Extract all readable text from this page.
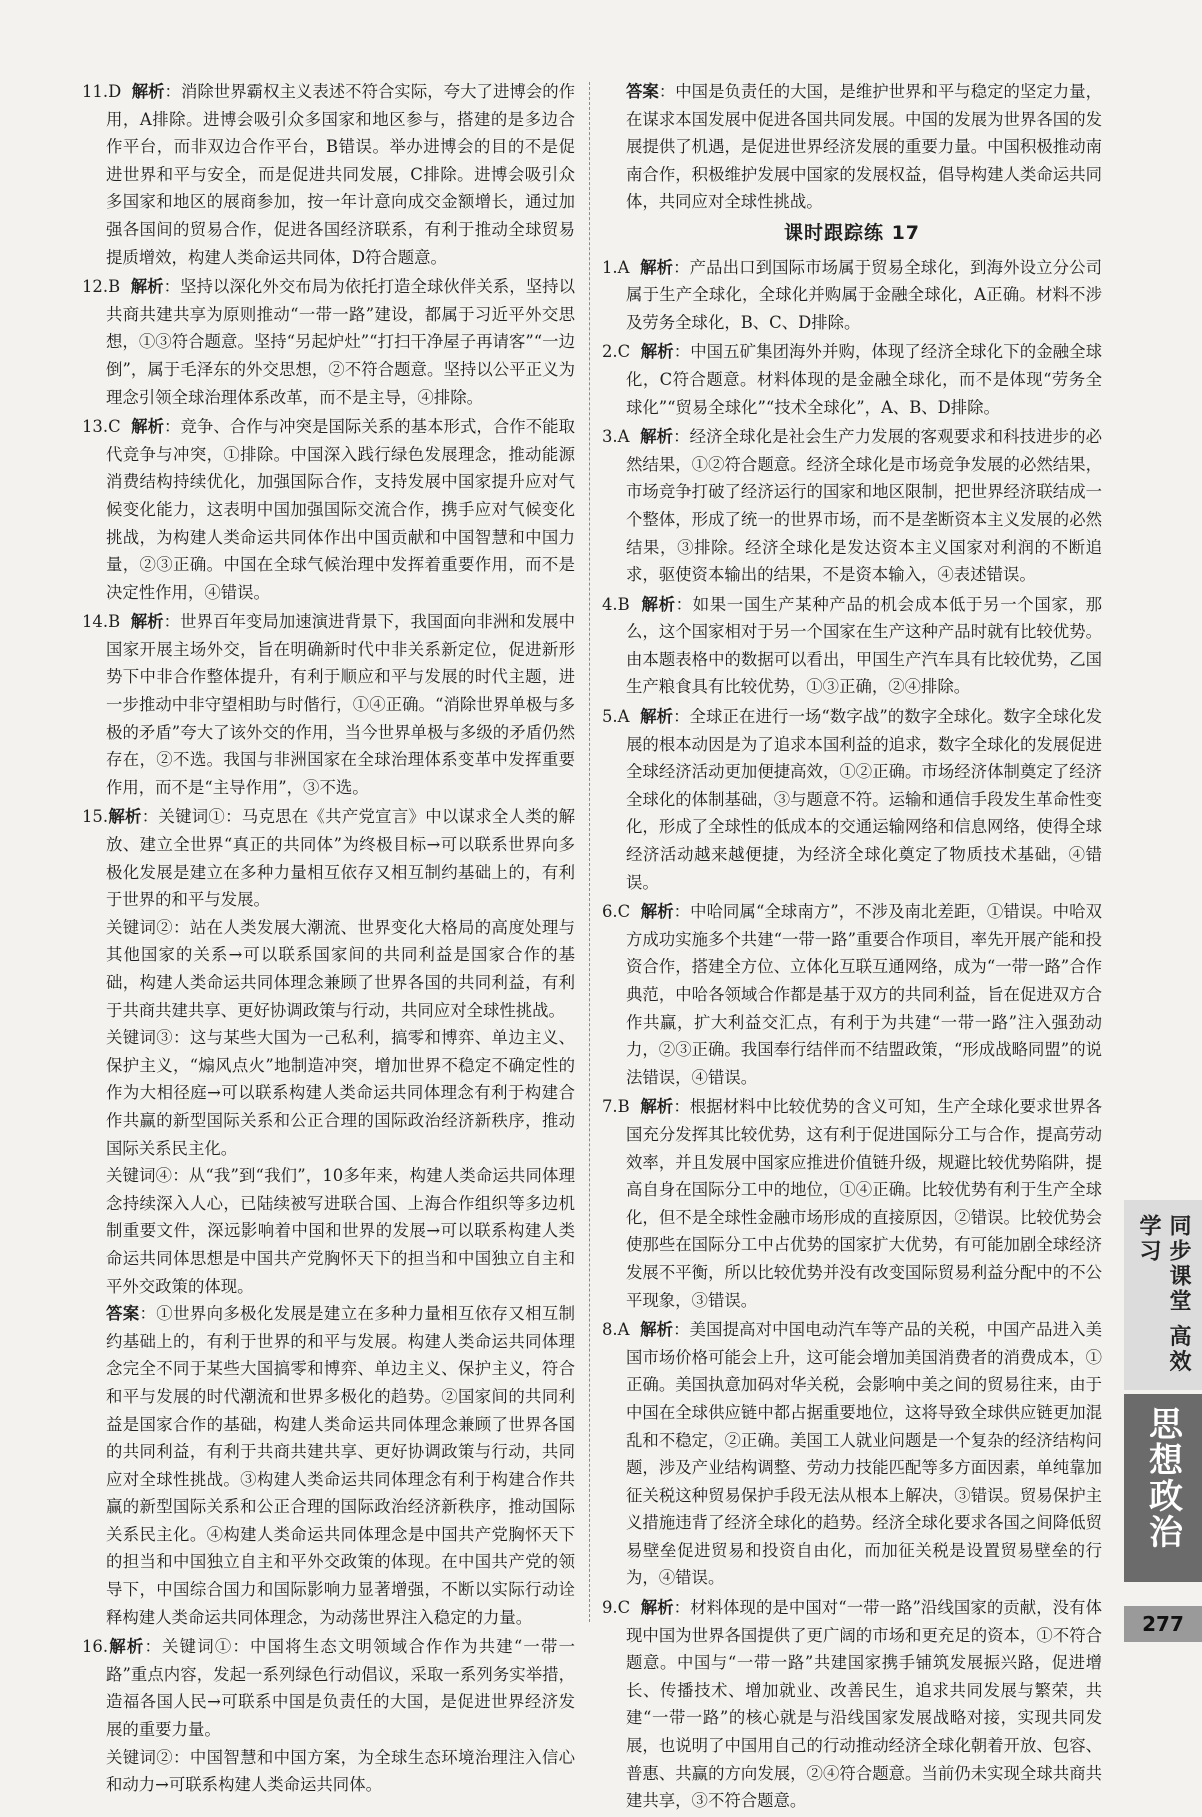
11.D 解析：消除世界霸权主义表述不符合实际，夸大了进博会的作用，A排除。进博会吸引众多国家和地区参与，搭建的是多边合作平台，而非双边合作平台，B错误。举办进博会的目的不是促进世界和平与安全，而是促进共同发展，C排除。进博会吸引众多国家和地区的展商参加，按一年计意向成交金额增长，通过加强各国间的贸易合作，促进各国经济联系，有利于推动全球贸易提质增效，构建人类命运共同体，D符合题意。
12.B 解析：坚持以深化外交布局为依托打造全球伙伴关系，坚持以共商共建共享为原则推动“一带一路”建设，都属于习近平外交思想，①③符合题意。坚持“另起炉灶”“打扫干净屋子再请客”“一边倒”，属于毛泽东的外交思想，②不符合题意。坚持以公平正义为理念引领全球治理体系改革，而不是主导，④排除。
13.C 解析：竞争、合作与冲突是国际关系的基本形式，合作不能取代竞争与冲突，①排除。中国深入践行绿色发展理念，推动能源消费结构持续优化，加强国际合作，支持发展中国家提升应对气候变化能力，这表明中国加强国际交流合作，携手应对气候变化挑战，为构建人类命运共同体作出中国贡献和中国智慧和中国力量，②③正确。中国在全球气候治理中发挥着重要作用，而不是决定性作用，④错误。
14.B 解析：世界百年变局加速演进背景下，我国面向非洲和发展中国家开展主场外交，旨在明确新时代中非关系新定位，促进新形势下中非合作整体提升，有利于顺应和平与发展的时代主题，进一步推动中非守望相助与时偕行，①④正确。“消除世界单极与多极的矛盾”夸大了该外交的作用，当今世界单极与多级的矛盾仍然存在，②不选。我国与非洲国家在全球治理体系变革中发挥重要作用，而不是“主导作用”，③不选。
15.解析：关键词①：马克思在《共产党宣言》中以谋求全人类的解放、建立全世界“真正的共同体”为终极目标→可以联系世界向多极化发展是建立在多种力量相互依存又相互制约基础上的，有利于世界的和平与发展。
关键词②：站在人类发展大潮流、世界变化大格局的高度处理与其他国家的关系→可以联系国家间的共同利益是国家合作的基础，构建人类命运共同体理念兼顾了世界各国的共同利益，有利于共商共建共享、更好协调政策与行动，共同应对全球性挑战。
关键词③：这与某些大国为一己私利，搞零和博弈、单边主义、保护主义，“煽风点火”地制造冲突，增加世界不稳定不确定性的作为大相径庭→可以联系构建人类命运共同体理念有利于构建合作共赢的新型国际关系和公正合理的国际政治经济新秩序，推动国际关系民主化。
关键词④：从“我”到“我们”，10多年来，构建人类命运共同体理念持续深入人心，已陆续被写进联合国、上海合作组织等多边机制重要文件，深远影响着中国和世界的发展→可以联系构建人类命运共同体思想是中国共产党胸怀天下的担当和中国独立自主和平外交政策的体现。
答案：①世界向多极化发展是建立在多种力量相互依存又相互制约基础上的，有利于世界的和平与发展。构建人类命运共同体理念完全不同于某些大国搞零和博弈、单边主义、保护主义，符合和平与发展的时代潮流和世界多极化的趋势。②国家间的共同利益是国家合作的基础，构建人类命运共同体理念兼顾了世界各国的共同利益，有利于共商共建共享、更好协调政策与行动，共同应对全球性挑战。③构建人类命运共同体理念有利于构建合作共赢的新型国际关系和公正合理的国际政治经济新秩序，推动国际关系民主化。④构建人类命运共同体理念是中国共产党胸怀天下的担当和中国独立自主和平外交政策的体现。在中国共产党的领导下，中国综合国力和国际影响力显著增强，不断以实际行动诠释构建人类命运共同体理念，为动荡世界注入稳定的力量。
16.解析：关键词①：中国将生态文明领域合作作为共建“一带一路”重点内容，发起一系列绿色行动倡议，采取一系列务实举措，造福各国人民→可联系中国是负责任的大国，是促进世界经济发展的重要力量。
关键词②：中国智慧和中国方案，为全球生态环境治理注入信心和动力→可联系构建人类命运共同体。
答案：中国是负责任的大国，是维护世界和平与稳定的坚定力量，在谋求本国发展中促进各国共同发展。中国的发展为世界各国的发展提供了机遇，是促进世界经济发展的重要力量。中国积极推动南南合作，积极维护发展中国家的发展权益，倡导构建人类命运共同体，共同应对全球性挑战。
课时跟踪练 17
1.A 解析：产品出口到国际市场属于贸易全球化，到海外设立分公司属于生产全球化，全球化并购属于金融全球化，A正确。材料不涉及劳务全球化，B、C、D排除。
2.C 解析：中国五矿集团海外并购，体现了经济全球化下的金融全球化，C符合题意。材料体现的是金融全球化，而不是体现“劳务全球化”“贸易全球化”“技术全球化”，A、B、D排除。
3.A 解析：经济全球化是社会生产力发展的客观要求和科技进步的必然结果，①②符合题意。经济全球化是市场竞争发展的必然结果，市场竞争打破了经济运行的国家和地区限制，把世界经济联结成一个整体，形成了统一的世界市场，而不是垄断资本主义发展的必然结果，③排除。经济全球化是发达资本主义国家对利润的不断追求，驱使资本输出的结果，不是资本输入，④表述错误。
4.B 解析：如果一国生产某种产品的机会成本低于另一个国家，那么，这个国家相对于另一个国家在生产这种产品时就有比较优势。由本题表格中的数据可以看出，甲国生产汽车具有比较优势，乙国生产粮食具有比较优势，①③正确，②④排除。
5.A 解析：全球正在进行一场“数字战”的数字全球化。数字全球化发展的根本动因是为了追求本国利益的追求，数字全球化的发展促进全球经济活动更加便捷高效，①②正确。市场经济体制奠定了经济全球化的体制基础，③与题意不符。运输和通信手段发生革命性变化，形成了全球性的低成本的交通运输网络和信息网络，使得全球经济活动越来越便捷，为经济全球化奠定了物质技术基础，④错误。
6.C 解析：中哈同属“全球南方”，不涉及南北差距，①错误。中哈双方成功实施多个共建“一带一路”重要合作项目，率先开展产能和投资合作，搭建全方位、立体化互联互通网络，成为“一带一路”合作典范，中哈各领域合作都是基于双方的共同利益，旨在促进双方合作共赢，扩大利益交汇点，有利于为共建“一带一路”注入强劲动力，②③正确。我国奉行结伴而不结盟政策，“形成战略同盟”的说法错误，④错误。
7.B 解析：根据材料中比较优势的含义可知，生产全球化要求世界各国充分发挥其比较优势，这有利于促进国际分工与合作，提高劳动效率，并且发展中国家应推进价值链升级，规避比较优势陷阱，提高自身在国际分工中的地位，①④正确。比较优势有利于生产全球化，但不是全球性金融市场形成的直接原因，②错误。比较优势会使那些在国际分工中占优势的国家扩大优势，有可能加剧全球经济发展不平衡，所以比较优势并没有改变国际贸易利益分配中的不公平现象，③错误。
8.A 解析：美国提高对中国电动汽车等产品的关税，中国产品进入美国市场价格可能会上升，这可能会增加美国消费者的消费成本，①正确。美国执意加码对华关税，会影响中美之间的贸易往来，由于中国在全球供应链中都占据重要地位，这将导致全球供应链更加混乱和不稳定，②正确。美国工人就业问题是一个复杂的经济结构问题，涉及产业结构调整、劳动力技能匹配等多方面因素，单纯靠加征关税这种贸易保护手段无法从根本上解决，③错误。贸易保护主义措施违背了经济全球化的趋势。经济全球化要求各国之间降低贸易壁垒促进贸易和投资自由化，而加征关税是设置贸易壁垒的行为，④错误。
9.C 解析：材料体现的是中国对“一带一路”沿线国家的贡献，没有体现中国为世界各国提供了更广阔的市场和更充足的资本，①不符合题意。中国与“一带一路”共建国家携手铺筑发展振兴路，促进增长、传播技术、增加就业、改善民生，追求共同发展与繁荣，共建“一带一路”的核心就是与沿线国家发展战略对接，实现共同发展，也说明了中国用自己的行动推动经济全球化朝着开放、包容、普惠、共赢的方向发展，②④符合题意。当前仍未实现全球共商共建共享，③不符合题意。
思想政治
同步课堂 高效学习
277
